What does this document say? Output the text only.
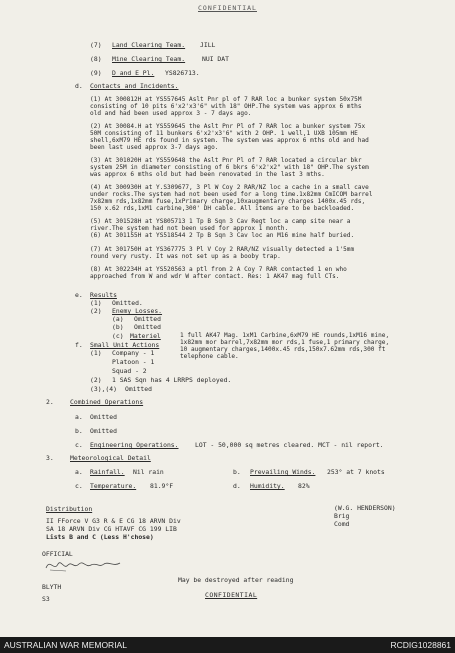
CONFIDENTIAL
(7) Land Clearing Team. JILL
(8) Mine Clearing Team.	NUI DAT
(9) D and E Pl. YS826713.
d. Contacts and Incidents.
(1) At 300812H at YS557645 Aslt Pnr pl of 7 RAR loc a bunker system 50x75M
consisting of 10 pits 6'x2'x3'6" with 18" OHP.The system was approx 6 mths
old and had been used approx 3 - 7 days ago.
(2) At 30084.H at YS559645 the Aslt Pnr Pl of 7 RAR loc a bunker system 75x
50M consisting of 11 bunkers 6'x2'x3'6" with 2 OHP. 1 well,1 UXB 105mm HE
shell,6xM79 HE rds found in system. The system was approx 6 mths old and had
been last used approx 3-7 days ago.
(3) At 301020H at YS559648 the Aslt Pnr Pl of 7 RAR located a circular bkr
system 25M in diameter consisting of 6 bkrs 6'x2'x2" with 18" OHP.The system
was approx 6 mths old but had been renovated in the last 3 mths.
(4) At 300930H at Y.S309677, 3 Pl W Coy 2 RAR/NZ loc a cache in a small cave
under rocks.The system had not been used for a long time.1x82mm CmICOM barrel
7x82mm rds,1x82mm fuse,1xPrimary charge,10xaugmentary charges 1400x.45 rds,
150 x.62 rds,1xM1 carbine,300' DH cable. All items are to be backloaded.
(5) At 301528H at YS805713 1 Tp B Sqn 3 Cav Regt loc a camp site near a
river.The system had not been used for approx 1 month.
(6) At 301155H at YS518544 2 Tp B Sqn 3 Cav loc an M16 mine half buried.
(7) At 301750H at YS367775 3 Pl V Coy 2 RAR/NZ visually detected a 1'5mm
round very rusty. It was not set up as a booby trap.
(8) At 302234H at YS520563 a ptl from 2 A Coy 7 RAR contacted 1 en who
approached from W and wdr W after contact. Res: 1 AK47 mag full CTs.
e. Results
(1) Omitted.
(2) Enemy Losses.
(a) Omitted
(b) Omitted
(c) Materiel	1 full AK47 Mag. 1xM1 Carbine,6xM79 HE rounds,1xM16 mine,
1x82mm mor barrel,7x82mm mor rds,1 fuse,1 primary charge,
10 augmentary charges,1400x.45 rds,150x7.62mm rds,300 ft
telephone cable.
f. Small Unit Actions
(1) Company - 1
Platoon - 1
Squad - 2
(2) 1 SAS Sqn has 4 LRRPS deployed.
(3),(4) Omitted
2.	Combined Operations
a. Omitted
b. Omitted
c. Engineering Operations.	LOT - 50,000 sq metres cleared. MCT - nil report.
3.	Meteorological Detail
a. Rainfall. Nil rain	b. Prevailing Winds. 253° at 7 knots
c. Temperature. 81.9°F	d. Humidity. 82%
(W.G. HENDERSON)
Brig
Comd
Distribution
II FForce V G3 R & E CG 18 ARVN Div
SA 18 ARVN Div CG HTAVF CG 199 LIB
Lists B and C (Less H'chose)
OFFICIAL
BLYTH
S3
May be destroyed after reading
CONFIDENTIAL
AUSTRALIAN WAR MEMORIAL	RCDIG1028861
